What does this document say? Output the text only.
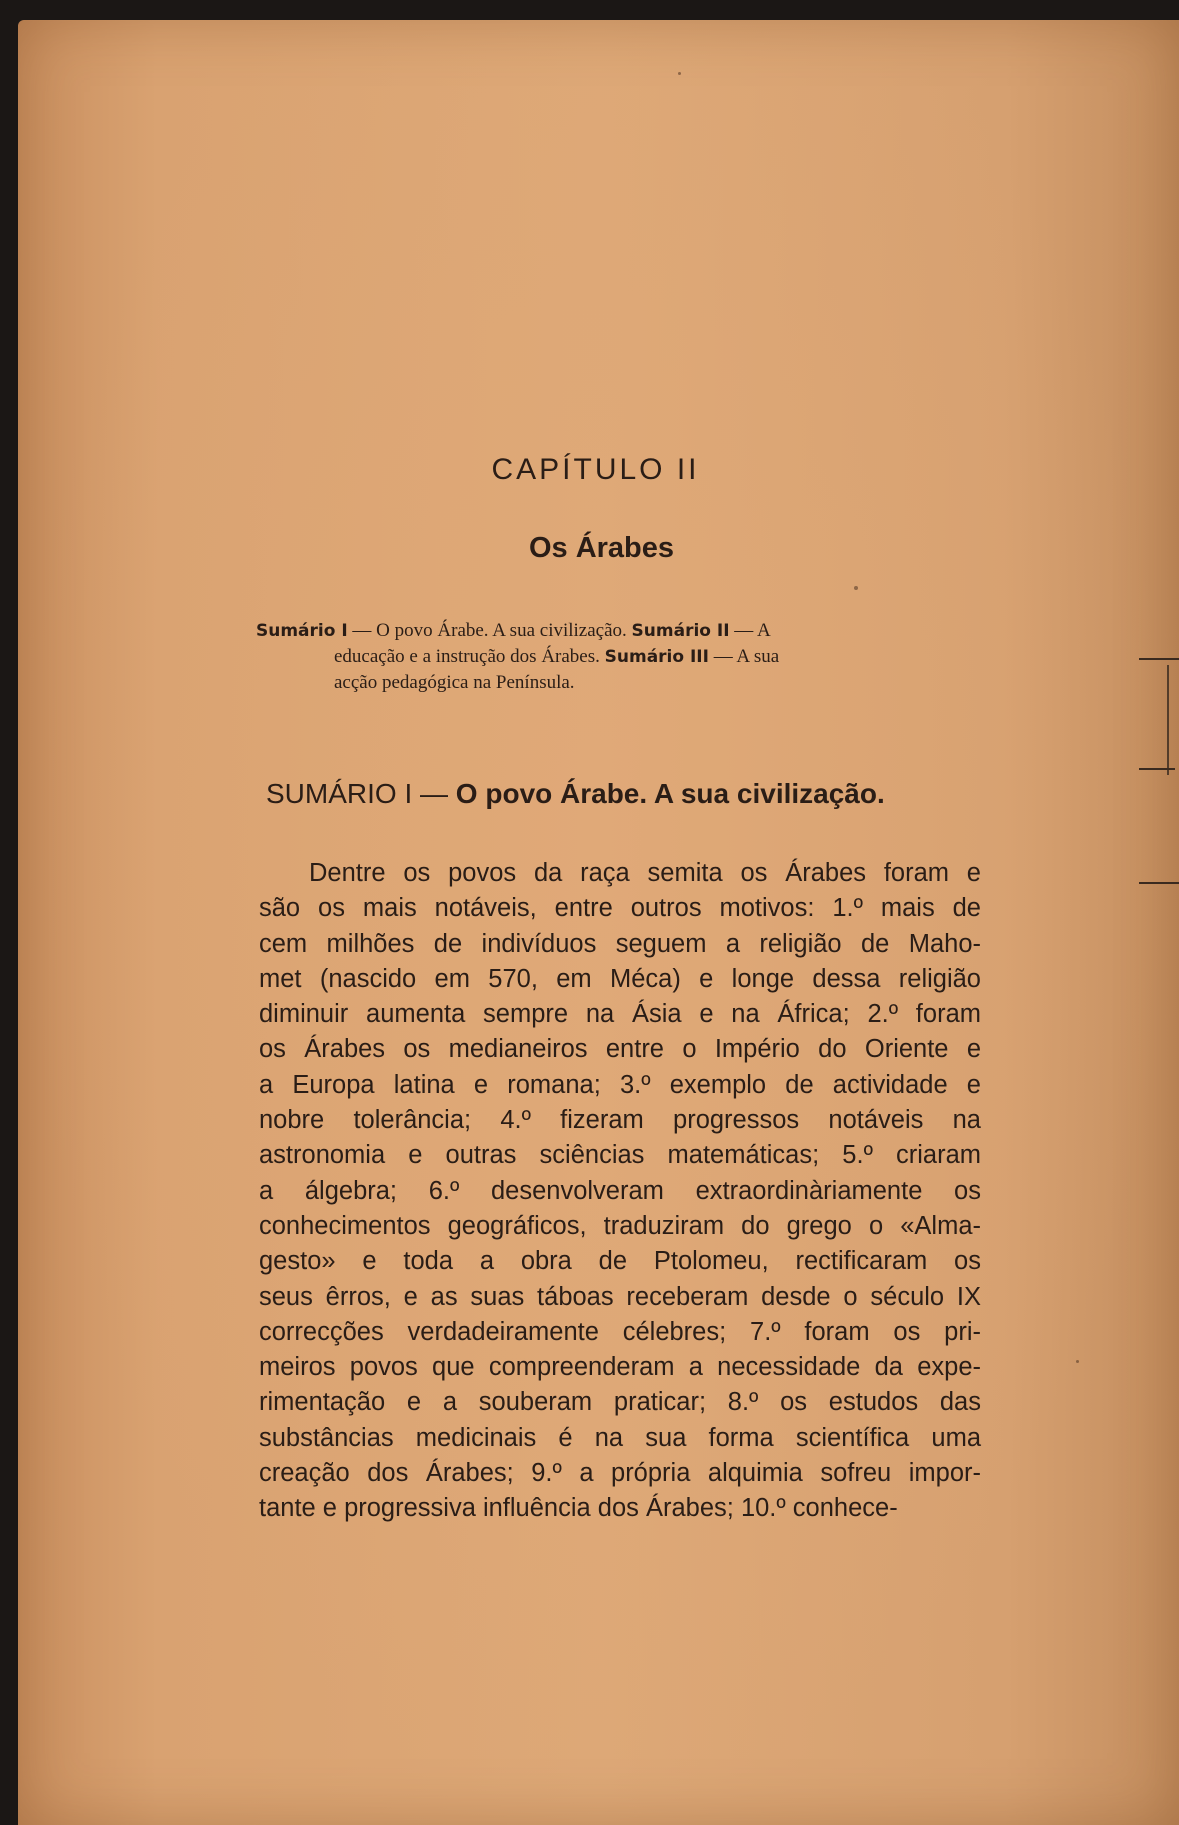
CAPÍTULO II
Os Árabes
Sumário I — O povo Árabe. A sua civilização. Sumário II — A
educação e a instrução dos Árabes. Sumário III — A sua
acção pedagógica na Península.
SUMÁRIO I — O povo Árabe. A sua civilização.
Dentre os povos da raça semita os Árabes foram e
são os mais notáveis, entre outros motivos: 1.º mais de
cem milhões de indivíduos seguem a religião de Maho-
met (nascido em 570, em Méca) e longe dessa religião
diminuir aumenta sempre na Ásia e na África; 2.º foram
os Árabes os medianeiros entre o Império do Oriente e
a Europa latina e romana; 3.º exemplo de actividade e
nobre tolerância; 4.º fizeram progressos notáveis na
astronomia e outras sciências matemáticas; 5.º criaram
a álgebra; 6.º desenvolveram extraordinàriamente os
conhecimentos geográficos, traduziram do grego o «Alma-
gesto» e toda a obra de Ptolomeu, rectificaram os
seus êrros, e as suas táboas receberam desde o século IX
correcções verdadeiramente célebres; 7.º foram os pri-
meiros povos que compreenderam a necessidade da expe-
rimentação e a souberam praticar; 8.º os estudos das
substâncias medicinais é na sua forma scientífica uma
creação dos Árabes; 9.º a própria alquimia sofreu impor-
tante e progressiva influência dos Árabes; 10.º conhece-
